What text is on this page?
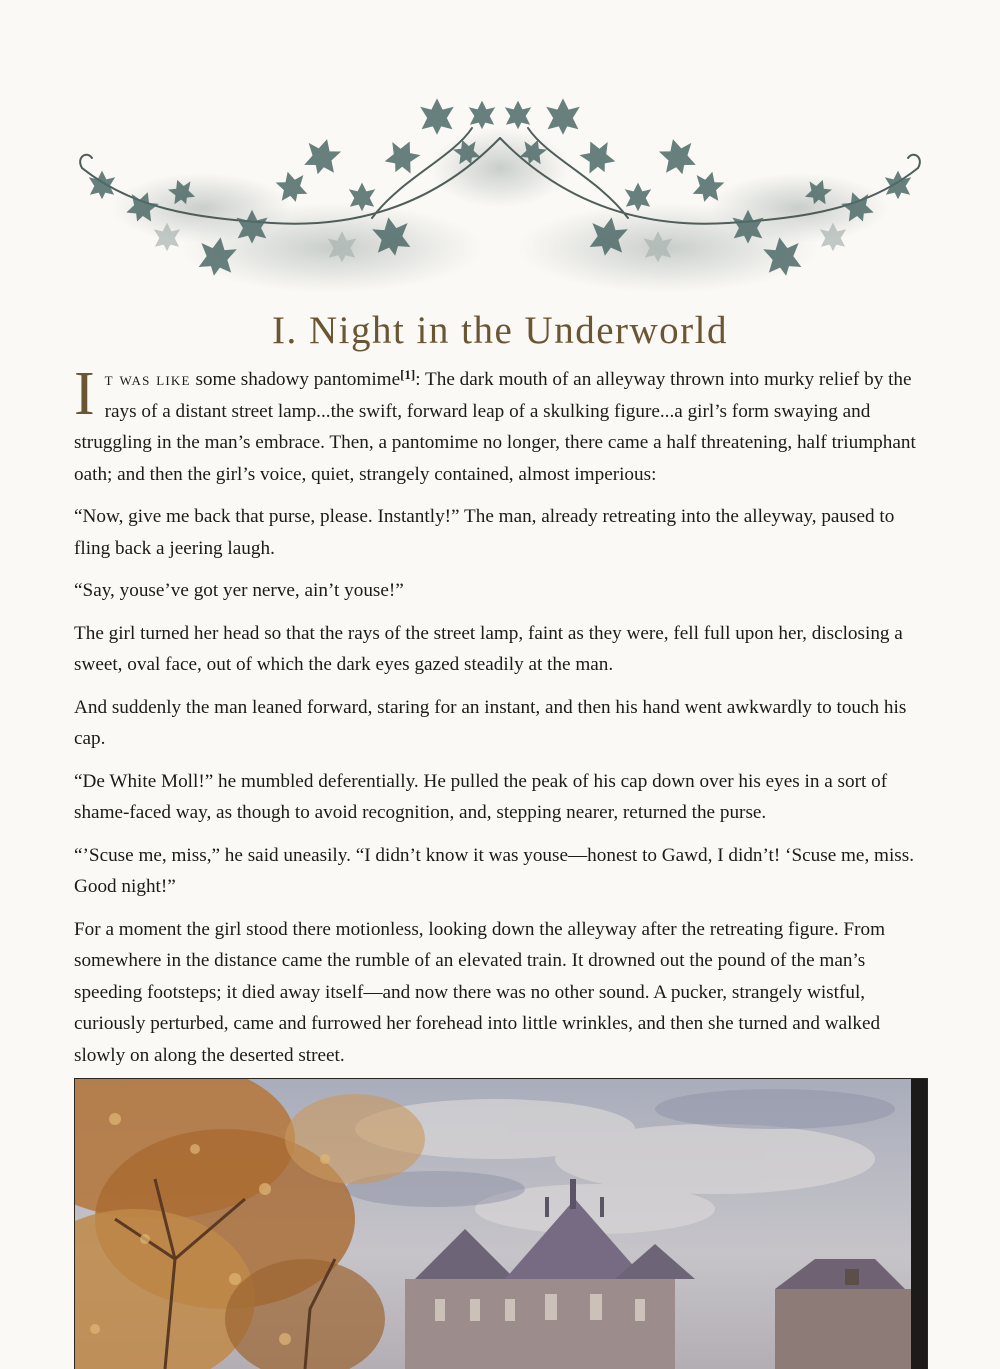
I. Night in the Underworld

It was like some shadowy pantomime[1]: The dark mouth of an alleyway thrown into murky relief by the rays of a distant street lamp...the swift, forward leap of a skulking figure...a girl’s form swaying and struggling in the man’s embrace. Then, a pantomime no longer, there came a half threatening, half triumphant oath; and then the girl’s voice, quiet, strangely contained, almost imperious:

“Now, give me back that purse, please. Instantly!” The man, already retreating into the alleyway, paused to fling back a jeering laugh.

“Say, youse’ve got yer nerve, ain’t youse!”

The girl turned her head so that the rays of the street lamp, faint as they were, fell full upon her, disclosing a sweet, oval face, out of which the dark eyes gazed steadily at the man.

And suddenly the man leaned forward, staring for an instant, and then his hand went awkwardly to touch his cap.

“De White Moll!” he mumbled deferentially. He pulled the peak of his cap down over his eyes in a sort of shame-faced way, as though to avoid recognition, and, stepping nearer, returned the purse.

“’Scuse me, miss,” he said uneasily. “I didn’t know it was youse—honest to Gawd, I didn’t! ‘Scuse me, miss. Good night!”

For a moment the girl stood there motionless, looking down the alleyway after the retreating figure. From somewhere in the distance came the rumble of an elevated train. It drowned out the pound of the man’s speeding footsteps; it died away itself—and now there was no other sound. A pucker, strangely wistful, curiously perturbed, came and furrowed her forehead into little wrinkles, and then she turned and walked slowly on along the deserted street.
